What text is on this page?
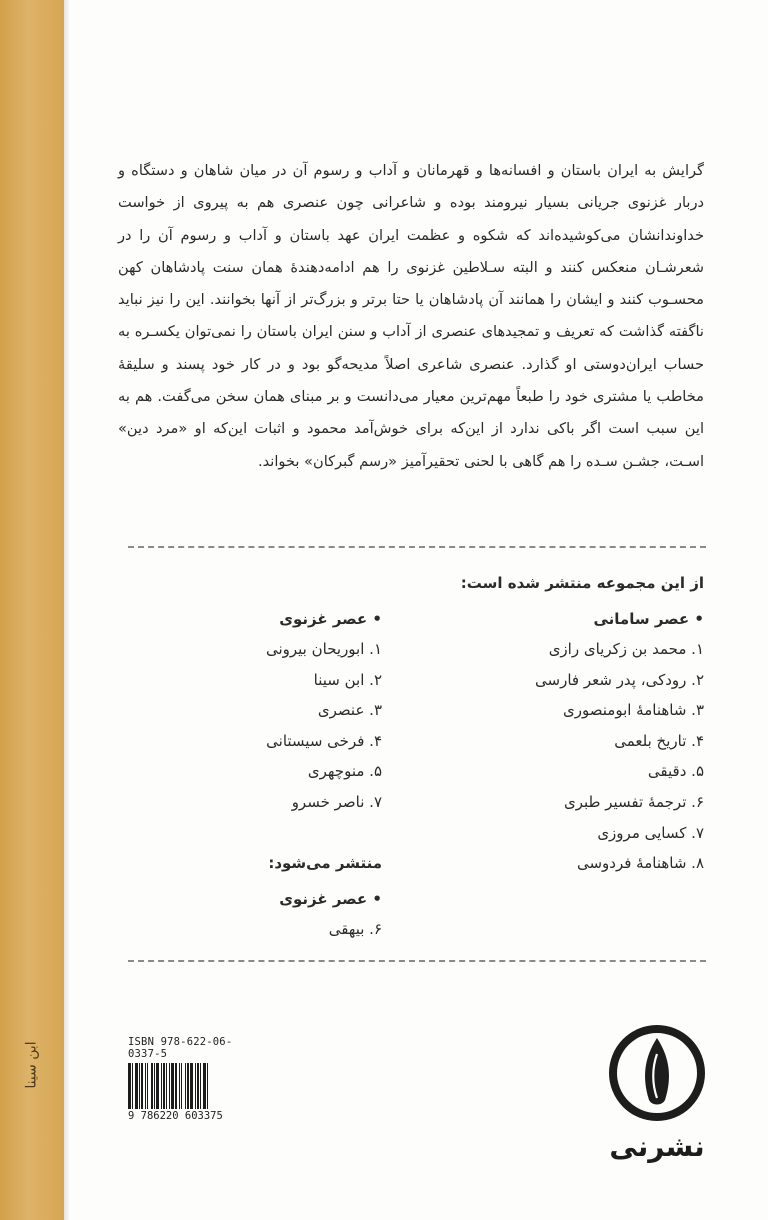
ابن سینا

گرایش به ایران باستان و افسانه‌ها و قهرمانان و آداب و رسوم آن در میان شاهان و دستگاه و دربار غزنوی جریانی بسیار نیرومند بوده و شاعرانی چون عنصری هم به پیروی از خواست خداوندانشان می‌کوشیده‌اند که شکوه و عظمت ایران عهد باستان و آداب و رسوم آن را در شعرشـان منعکس کنند و البته سـلاطین غزنوی را هم ادامه‌دهندهٔ همان سنت پادشاهان کهن محسـوب کنند و ایشان را همانند آن پادشاهان یا حتا برتر و بزرگ‌تر از آنها بخوانند. این را نیز نباید ناگفته گذاشت که تعریف و تمجیدهای عنصری از آداب و سنن ایران باستان را نمی‌توان یکسـره به حساب ایران‌دوستی او گذارد. عنصری شاعری اصلاً مدیحه‌گو بود و در کار خود پسند و سلیقهٔ مخاطب یا مشتری خود را طبعاً مهم‌ترین معیار می‌دانست و بر مبنای همان سخن می‌گفت. هم به این سبب است اگر باکی ندارد از این‌که برای خوش‌آمد محمود و اثبات این‌که او «مرد دین» اسـت، جشـن سـده را هم گاهی با لحنی تحقیرآمیز «رسم گبرکان» بخواند.

از این مجموعه منتشر شده است:
• عصر سامانی
۱. محمد بن زکریای رازی
۲. رودکی، پدر شعر فارسی
۳. شاهنامهٔ ابومنصوری
۴. تاریخ بلعمی
۵. دقیقی
۶. ترجمهٔ تفسیر طبری
۷. کسایی مروزی
۸. شاهنامهٔ فردوسی
• عصر غزنوی
۱. ابوریحان بیرونی
۲. ابن سینا
۳. عنصری
۴. فرخی سیستانی
۵. منوچهری
۷. ناصر خسرو
منتشر می‌شود:
• عصر غزنوی
۶. بیهقی
ISBN 978-622-06-0337-5
9 786220 603375
نشرنی
